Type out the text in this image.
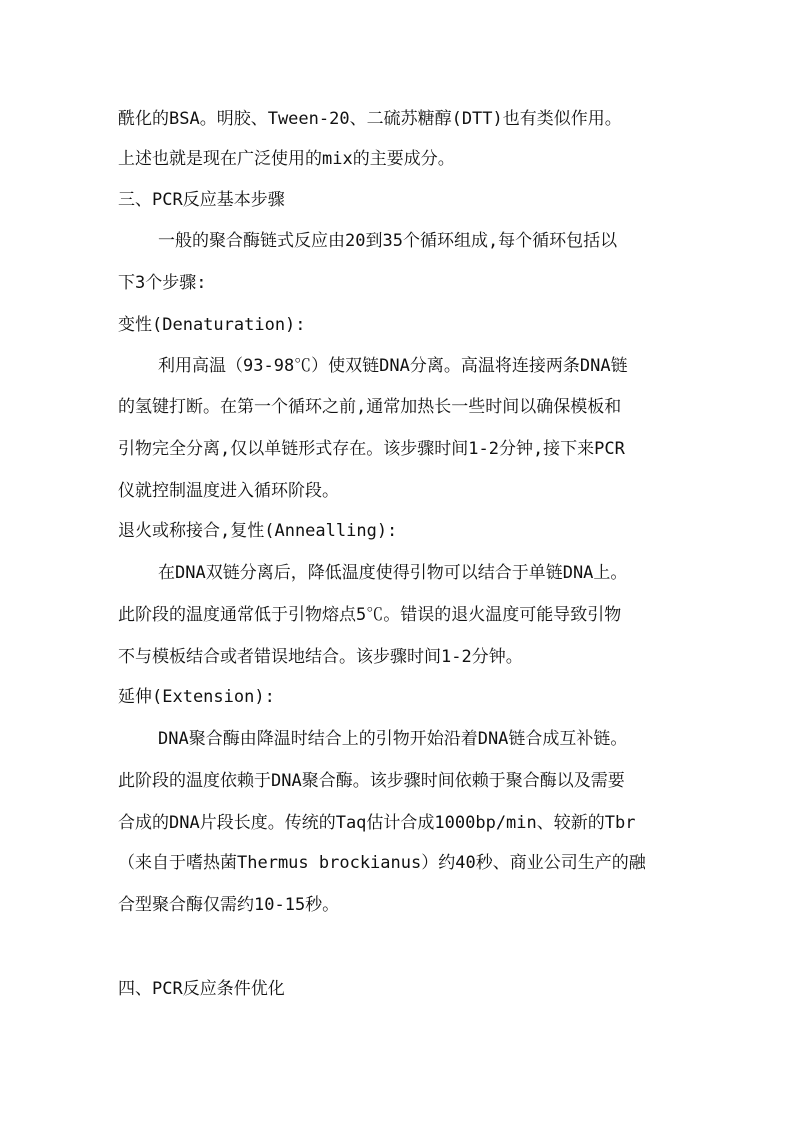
酰化的BSA。明胶、Tween-20、二硫苏糖醇(DTT)也有类似作用。
上述也就是现在广泛使用的mix的主要成分。
三、PCR反应基本步骤
一般的聚合酶链式反应由20到35个循环组成,每个循环包括以
下3个步骤:
变性(Denaturation):
利用高温（93-98℃）使双链DNA分离。高温将连接两条DNA链
的氢键打断。在第一个循环之前,通常加热长一些时间以确保模板和
引物完全分离,仅以单链形式存在。该步骤时间1-2分钟,接下来PCR
仪就控制温度进入循环阶段。
退火或称接合,复性(Annealling):
在DNA双链分离后，降低温度使得引物可以结合于单链DNA上。
此阶段的温度通常低于引物熔点5℃。错误的退火温度可能导致引物
不与模板结合或者错误地结合。该步骤时间1-2分钟。
延伸(Extension):
DNA聚合酶由降温时结合上的引物开始沿着DNA链合成互补链。
此阶段的温度依赖于DNA聚合酶。该步骤时间依赖于聚合酶以及需要
合成的DNA片段长度。传统的Taq估计合成1000bp/min、较新的Tbr
（来自于嗜热菌Thermus brockianus）约40秒、商业公司生产的融
合型聚合酶仅需约10-15秒。
四、PCR反应条件优化
